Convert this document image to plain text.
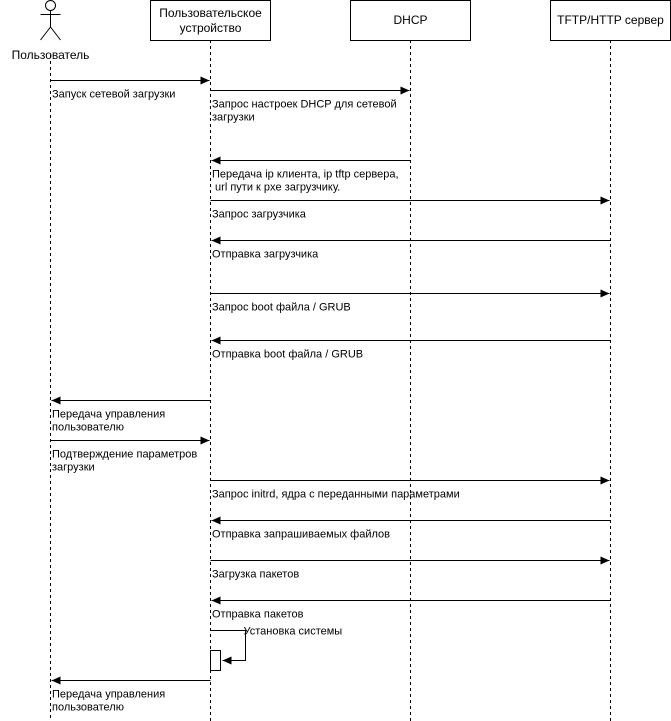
Пользователь
Пользовательское устройство
DHCP	TFTP/HTTP сервер
Запуск сетевой загрузки
Запрос настроек DHCP для сетевой загрузки
Передача ip клиента, ip tftp сервера, url пути к pxe загрузчику.
Запрос загрузчика
Отправка загрузчика
Запрос boot файла / GRUB
Отправка boot файла / GRUB
Передача управления пользователю
Подтверждение параметров загрузки
Запрос initrd, ядра с переданными параметрами
Отправка запрашиваемых файлов
Загрузка пакетов
Отправка пакетов
Установка системы
Передача управления пользователю
